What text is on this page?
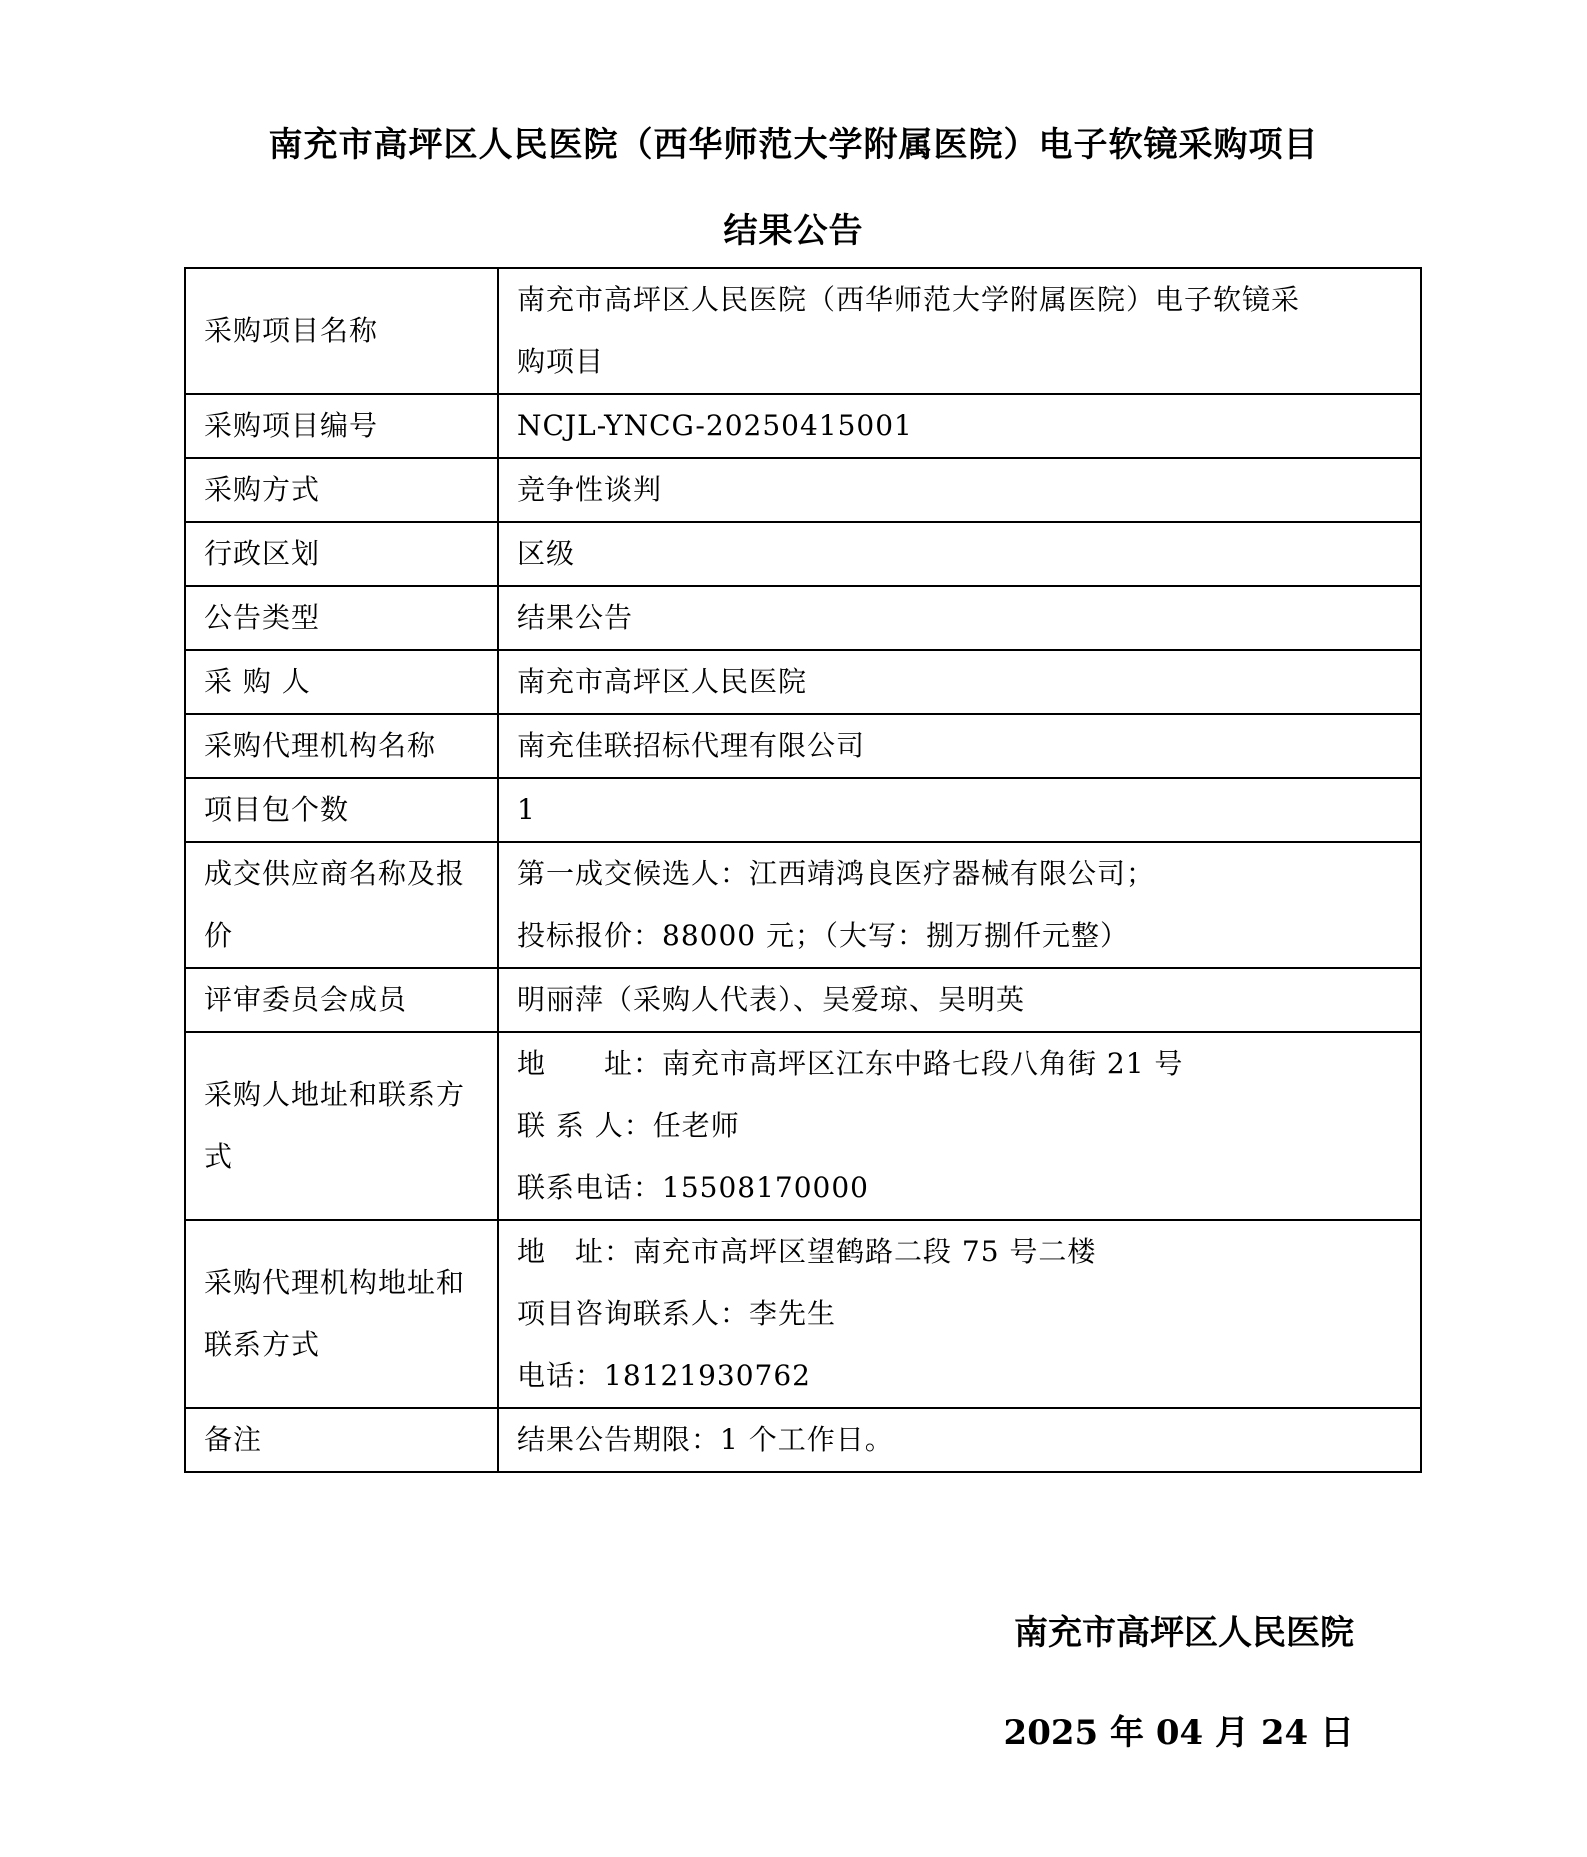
南充市高坪区人民医院（西华师范大学附属医院）电子软镜采购项目
结果公告
采购项目名称	南充市高坪区人民医院（西华师范大学附属医院）电子软镜采
购项目

采购项目编号	NCJL-YNCG-20250415001

采购方式	竞争性谈判

行政区划	区级

公告类型	结果公告

采 购 人	南充市高坪区人民医院

采购代理机构名称	南充佳联招标代理有限公司

项目包个数	1

成交供应商名称及报价	第一成交候选人：江西靖鸿良医疗器械有限公司；
投标报价：88000 元；（大写：捌万捌仟元整）

评审委员会成员	明丽萍（采购人代表）、吴爱琼、吴明英

采购人地址和联系方式	地　　址：南充市高坪区江东中路七段八角街 21 号
联 系 人：任老师
联系电话：15508170000

采购代理机构地址和联系方式	地　址：南充市高坪区望鹤路二段 75 号二楼
项目咨询联系人：李先生
电话：18121930762

备注	结果公告期限：1 个工作日。
南充市高坪区人民医院
2025 年 04 月 24 日
